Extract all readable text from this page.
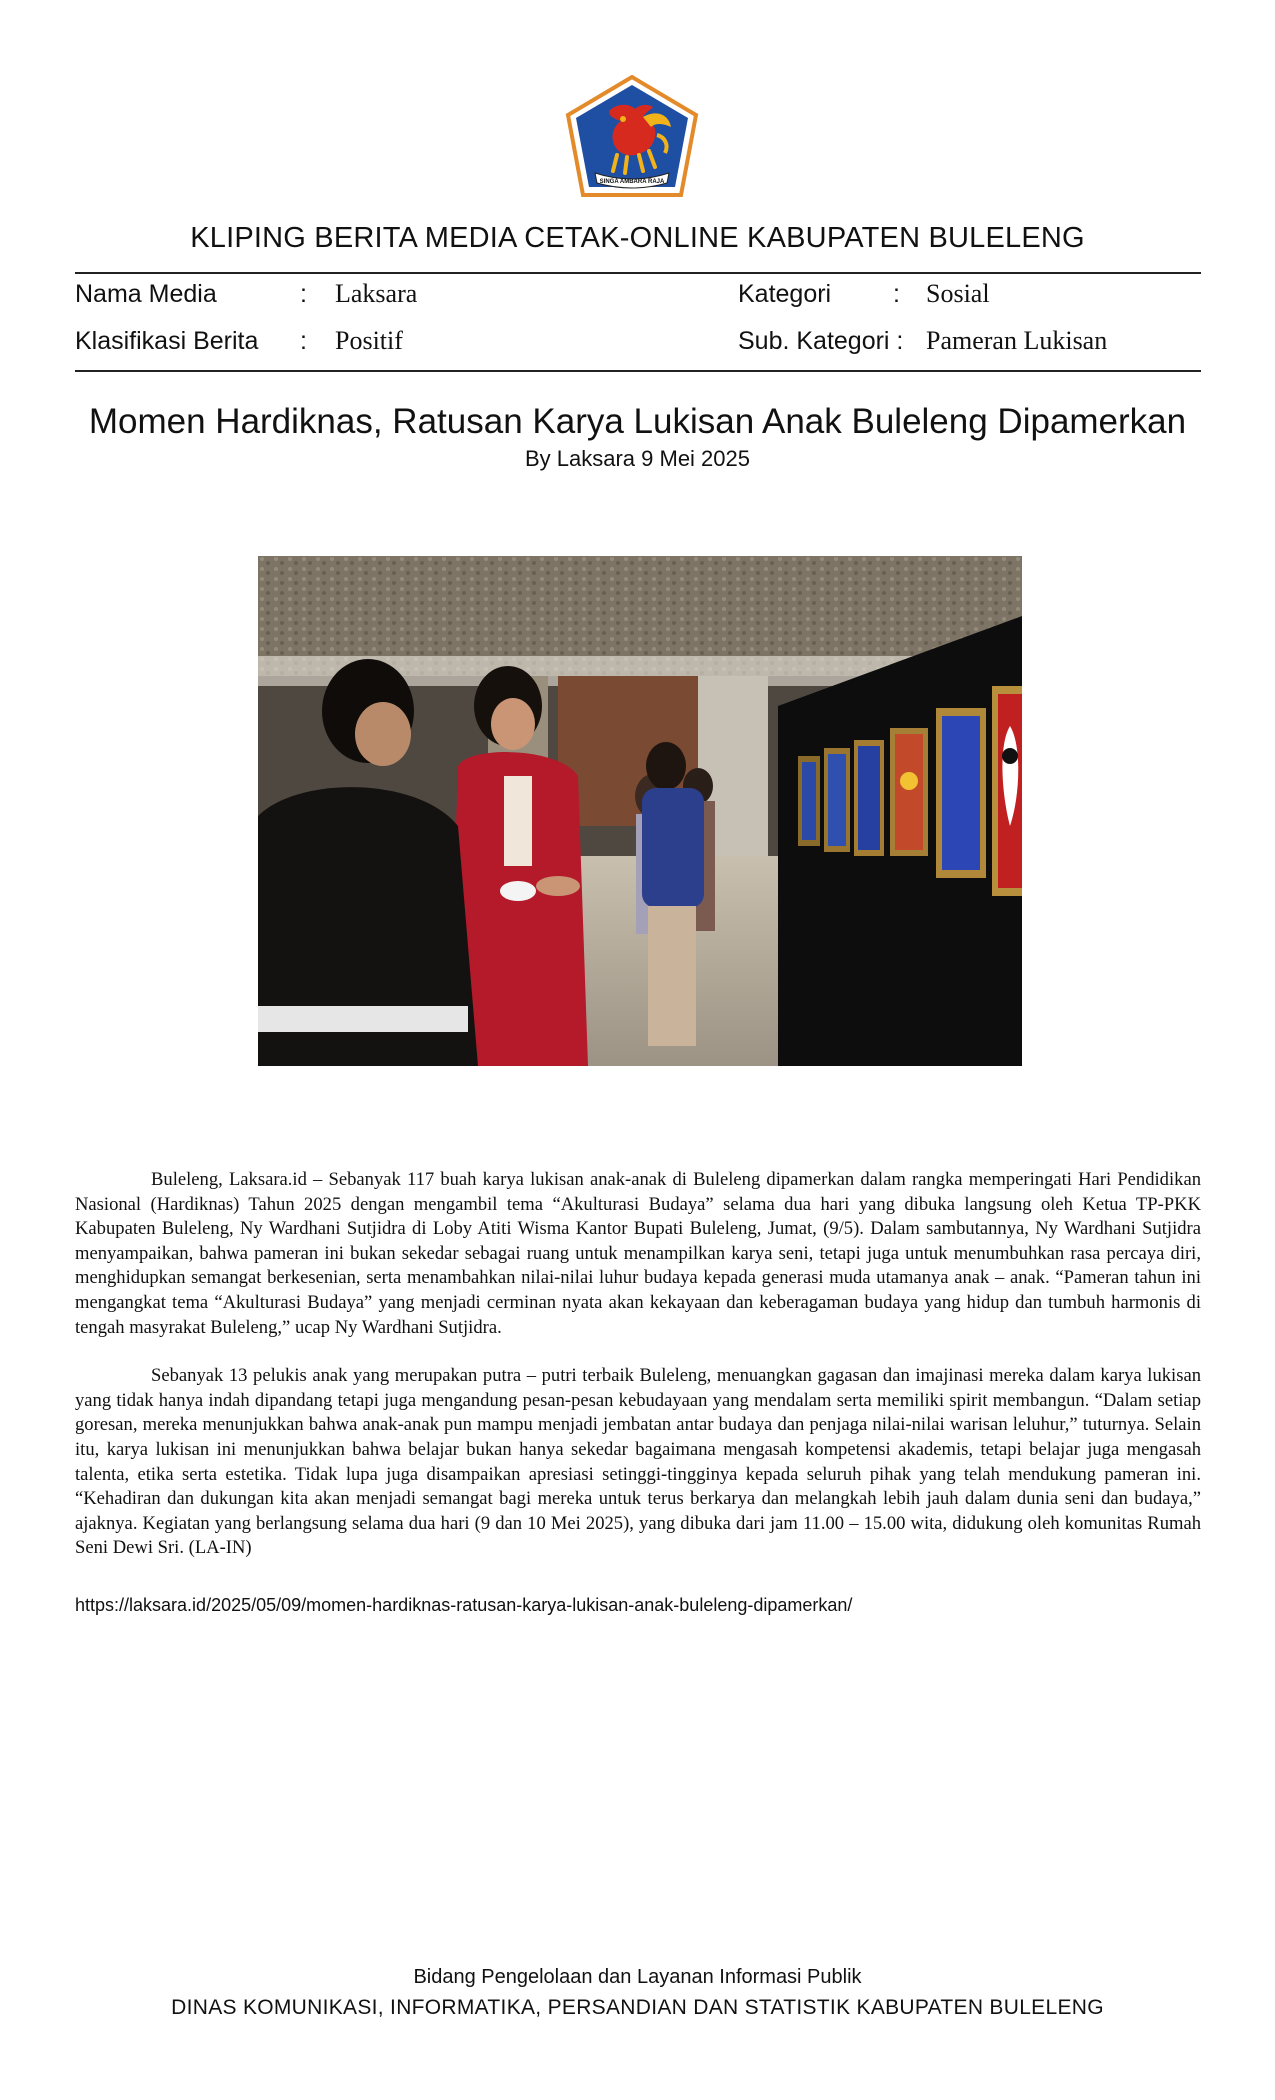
SINGA AMBARA RAJA
KLIPING BERITA MEDIA CETAK-ONLINE KABUPATEN BULELENG
Nama Media	: Laksara
Klasifikasi Berita : Positif
Kategori : Sosial
Sub. Kategori : Pameran Lukisan
Momen Hardiknas, Ratusan Karya Lukisan Anak Buleleng Dipamerkan
By Laksara 9 Mei 2025

Buleleng, Laksara.id – Sebanyak 117 buah karya lukisan anak-anak di Buleleng dipamerkan dalam rangka memperingati Hari Pendidikan Nasional (Hardiknas) Tahun 2025 dengan mengambil tema “Akulturasi Budaya” selama dua hari yang dibuka langsung oleh Ketua TP-PKK Kabupaten Buleleng, Ny Wardhani Sutjidra di Loby Atiti Wisma Kantor Bupati Buleleng, Jumat, (9/5). Dalam sambutannya, Ny Wardhani Sutjidra menyampaikan, bahwa pameran ini bukan sekedar sebagai ruang untuk menampilkan karya seni, tetapi juga untuk menumbuhkan rasa percaya diri, menghidupkan semangat berkesenian, serta menambahkan nilai-nilai luhur budaya kepada generasi muda utamanya anak – anak. “Pameran tahun ini mengangkat tema “Akulturasi Budaya” yang menjadi cerminan nyata akan kekayaan dan keberagaman budaya yang hidup dan tumbuh harmonis di tengah masyrakat Buleleng,” ucap Ny Wardhani Sutjidra.

Sebanyak 13 pelukis anak yang merupakan putra – putri terbaik Buleleng, menuangkan gagasan dan imajinasi mereka dalam karya lukisan yang tidak hanya indah dipandang tetapi juga mengandung pesan-pesan kebudayaan yang mendalam serta memiliki spirit membangun. “Dalam setiap goresan, mereka menunjukkan bahwa anak-anak pun mampu menjadi jembatan antar budaya dan penjaga nilai-nilai warisan leluhur,” tuturnya. Selain itu, karya lukisan ini menunjukkan bahwa belajar bukan hanya sekedar bagaimana mengasah kompetensi akademis, tetapi belajar juga mengasah talenta, etika serta estetika. Tidak lupa juga disampaikan apresiasi setinggi-tingginya kepada seluruh pihak yang telah mendukung pameran ini. “Kehadiran dan dukungan kita akan menjadi semangat bagi mereka untuk terus berkarya dan melangkah lebih jauh dalam dunia seni dan budaya,” ajaknya. Kegiatan yang berlangsung selama dua hari (9 dan 10 Mei 2025), yang dibuka dari jam 11.00 – 15.00 wita, didukung oleh komunitas Rumah Seni Dewi Sri. (LA-IN)

https://laksara.id/2025/05/09/momen-hardiknas-ratusan-karya-lukisan-anak-buleleng-dipamerkan/
Bidang Pengelolaan dan Layanan Informasi Publik
DINAS KOMUNIKASI, INFORMATIKA, PERSANDIAN DAN STATISTIK KABUPATEN BULELENG
